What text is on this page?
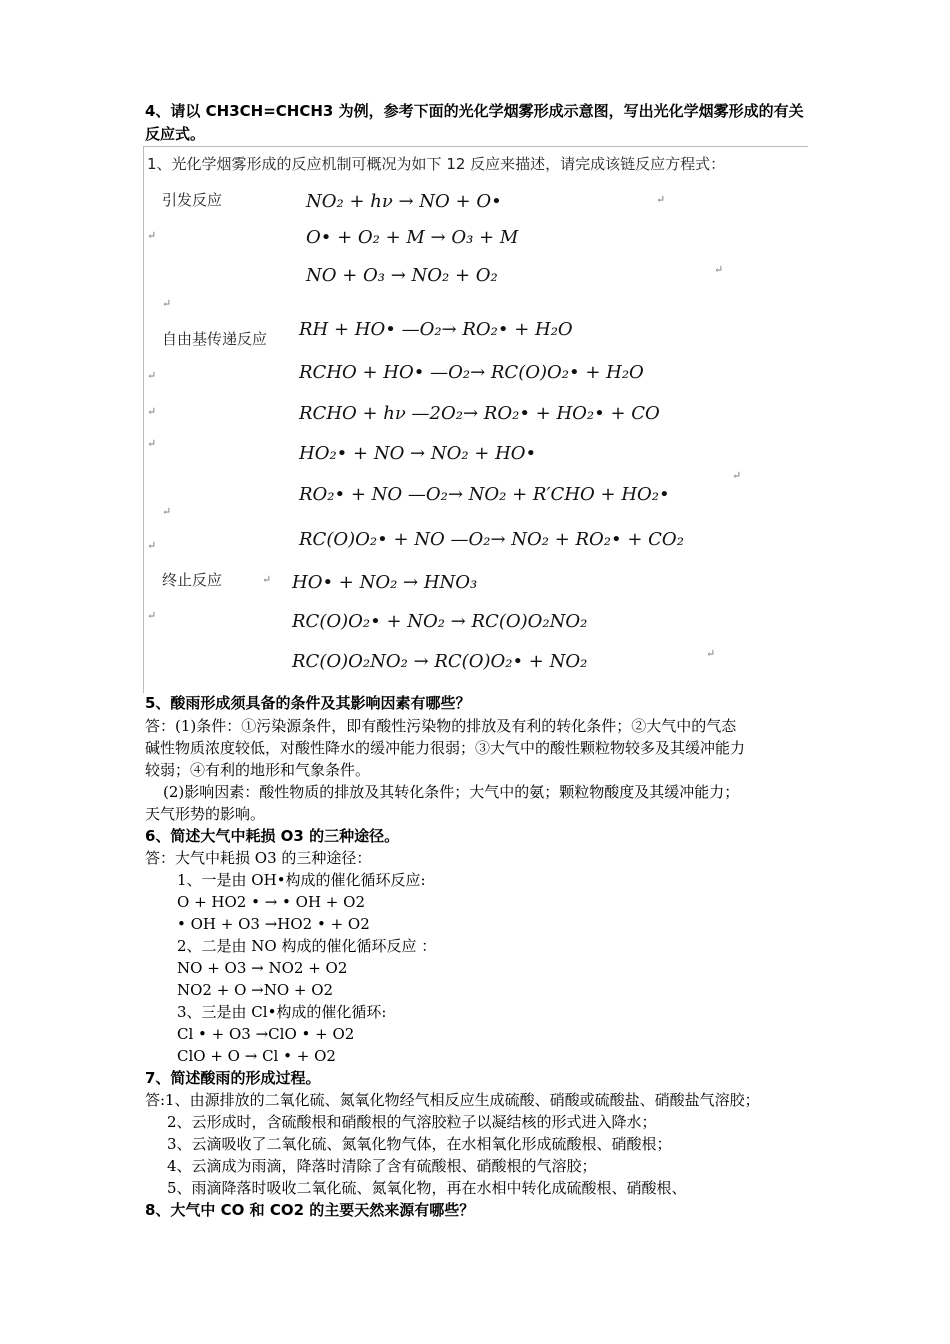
4、请以 CH3CH=CHCH3 为例，参考下面的光化学烟雾形成示意图，写出光化学烟雾形成的有关反应式。
1、光化学烟雾形成的反应机制可概况为如下 12 反应来描述，请完成该链反应方程式：
引发反应	NO₂ + hν → NO + O•	↵
↵	O• + O₂ + M → O₃ + M
NO + O₃ → NO₂ + O₂	↵
↵
自由基传递反应 RH + HO• —O₂→ RO₂• + H₂O
↵	RCHO + HO• —O₂→ RC(O)O₂• + H₂O
↵	RCHO + hν —2O₂→ RO₂• + HO₂• + CO
↵	HO₂• + NO → NO₂ + HO•
↵
RO₂• + NO —O₂→ NO₂ + R′CHO + HO₂•
↵
↵	RC(O)O₂• + NO —O₂→ NO₂ + RO₂• + CO₂
终止反应	↵ HO• + NO₂ → HNO₃
↵	RC(O)O₂• + NO₂ → RC(O)O₂NO₂
RC(O)O₂NO₂ → RC(O)O₂• + NO₂	↵
5、酸雨形成须具备的条件及其影响因素有哪些？
答：(1)条件：①污染源条件，即有酸性污染物的排放及有利的转化条件；②大气中的气态
碱性物质浓度较低，对酸性降水的缓冲能力很弱；③大气中的酸性颗粒物较多及其缓冲能力
较弱；④有利的地形和气象条件。
(2)影响因素：酸性物质的排放及其转化条件；大气中的氨；颗粒物酸度及其缓冲能力；
天气形势的影响。
6、简述大气中耗损 O3 的三种途径。
答：大气中耗损 O3 的三种途径：
1、一是由 OH•构成的催化循环反应:
O + HO2 • → • OH + O2
• OH + O3 →HO2 • + O2
2、二是由 NO 构成的催化循环反应 ：
NO + O3 → NO2 + O2
NO2 + O →NO + O2
3、三是由 Cl•构成的催化循环:
Cl • + O3 →ClO • + O2
ClO + O → Cl • + O2
7、简述酸雨的形成过程。
答:1、由源排放的二氧化硫、氮氧化物经气相反应生成硫酸、硝酸或硫酸盐、硝酸盐气溶胶；
2、云形成时，含硫酸根和硝酸根的气溶胶粒子以凝结核的形式进入降水；
3、云滴吸收了二氧化硫、氮氧化物气体，在水相氧化形成硫酸根、硝酸根；
4、云滴成为雨滴，降落时清除了含有硫酸根、硝酸根的气溶胶；
5、雨滴降落时吸收二氧化硫、氮氧化物，再在水相中转化成硫酸根、硝酸根、
8、大气中 CO 和 CO2 的主要天然来源有哪些？
